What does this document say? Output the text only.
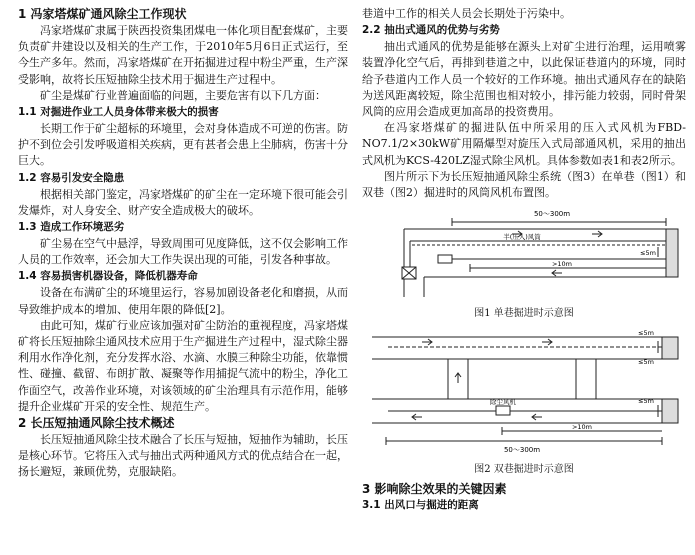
1 冯家塔煤矿通风除尘工作现状

冯家塔煤矿隶属于陕西投资集团煤电一体化项目配套煤矿，主要负责矿井建设以及相关的生产工作，于2010年5月6日正式运行，至今生产多年。然而，冯家塔煤矿在开拓掘进过程中粉尘严重，生产深受影响，故将长压短抽除尘技术用于掘进生产过程中。

矿尘是煤矿行业普遍面临的问题，主要危害有以下几方面：

1.1 对掘进作业工人员身体带来极大的损害

长期工作于矿尘超标的环境里，会对身体造成不可逆的伤害。防护不到位会引发呼吸道相关疾病，更有甚者会患上尘肺病，伤害十分巨大。

1.2 容易引发安全隐患

根据相关部门鉴定，冯家塔煤矿的矿尘在一定环境下很可能会引发爆炸，对人身安全、财产安全造成极大的破坏。

1.3 造成工作环境恶劣

矿尘易在空气中悬浮，导致周围可见度降低，这不仅会影响工作人员的工作效率，还会加大工作失误出现的可能，引发各种事故。

1.4 容易损害机器设备，降低机器寿命

设备在布满矿尘的环境里运行，容易加剧设备老化和磨损，从而导致维护成本的增加、使用年限的降低[2]。

由此可知，煤矿行业应该加强对矿尘防治的重视程度，冯家塔煤矿将长压短抽除尘通风技术应用于生产掘进生产过程中，湿式除尘器利用水作净化剂，充分发挥水浴、水滴、水膜三种除尘功能，依靠惯性、碰撞、截留、布朗扩散、凝聚等作用捕捉气流中的粉尘，净化工作面空气，改善作业环境，对该领域的矿尘治理具有示范作用，能够提升企业煤矿开采的安全性、规范生产。

2 长压短抽通风除尘技术概述

长压短抽通风除尘技术融合了长压与短抽，短抽作为辅助，长压是核心环节。它将压入式与抽出式两种通风方式的优点结合在一起，扬长避短，兼顾优势，克服缺陷。

巷道中工作的相关人员会长期处于污染中。

2.2 抽出式通风的优势与劣势

抽出式通风的优势是能够在源头上对矿尘进行治理，运用喷雾装置净化空气后，再排到巷道之中，以此保证巷道内的环境，同时给予巷道内工作人员一个较好的工作环境。抽出式通风存在的缺陷为送风距离较短，除尘范围也相对较小，排污能力较弱，同时骨架风筒的应用会造成更加高昂的投资费用。

在冯家塔煤矿的掘进队伍中所采用的压入式风机为FBD-NO7.1/2×30kW矿用隔爆型对旋压入式局部通风机，采用的抽出式风机为KCS-420LZ湿式除尘风机。具体参数如表1和表2所示。

图片所示下为长压短抽通风除尘系统（图3）在单巷（图1）和双巷（图2）掘进时的风筒风机布置图。

50～300m
半(压入)风筒
≤5m
>10m
图1 单巷掘进时示意图
≤5m
≤5m
除尘风机	≤5m
>10m
50～300m
图2 双巷掘进时示意图
3 影响除尘效果的关键因素
3.1 出风口与掘进的距离
